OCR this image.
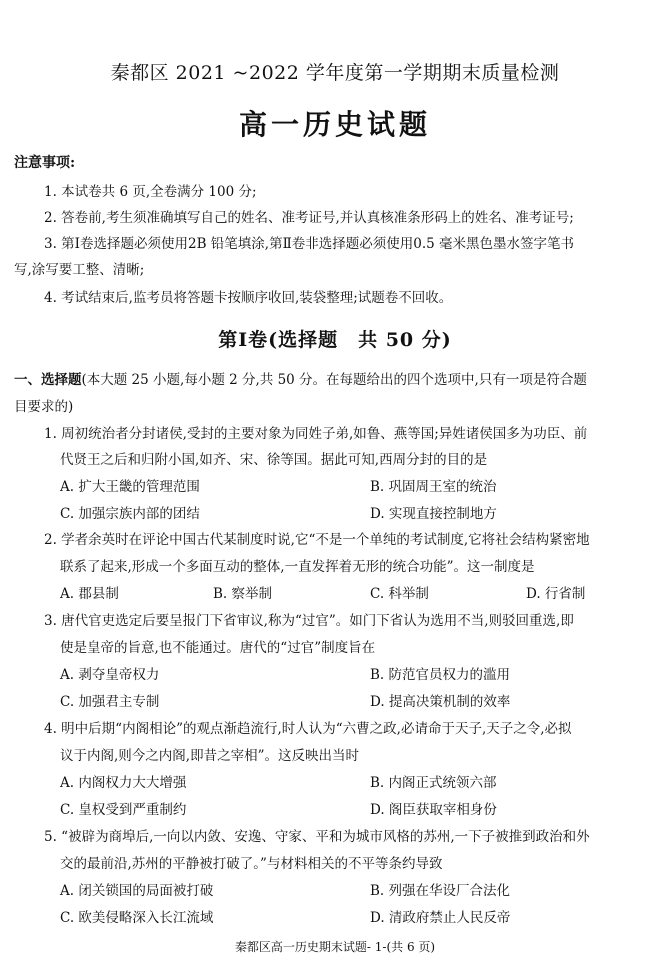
秦都区 2021 ~2022 学年度第一学期期末质量检测
高一历史试题
注意事项:
1. 本试卷共 6 页,全卷满分 100 分;
2. 答卷前,考生须准确填写自己的姓名、准考证号,并认真核准条形码上的姓名、准考证号;
3. 第Ⅰ卷选择题必须使用2B 铅笔填涂,第Ⅱ卷非选择题必须使用0.5 毫米黑色墨水签字笔书
写,涂写要工整、清晰;
4. 考试结束后,监考员将答题卡按顺序收回,装袋整理;试题卷不回收。
第Ⅰ卷(选择题　共 50 分)
一、选择题(本大题 25 小题,每小题 2 分,共 50 分。在每题给出的四个选项中,只有一项是符合题
目要求的)
1. 周初统治者分封诸侯,受封的主要对象为同姓子弟,如鲁、燕等国;异姓诸侯国多为功臣、前
代贤王之后和归附小国,如齐、宋、徐等国。据此可知,西周分封的目的是
A. 扩大王畿的管理范围	B. 巩固周王室的统治
C. 加强宗族内部的团结	D. 实现直接控制地方
2. 学者余英时在评论中国古代某制度时说,它“不是一个单纯的考试制度,它将社会结构紧密地
联系了起来,形成一个多面互动的整体,一直发挥着无形的统合功能”。这一制度是
A. 郡县制	B. 察举制	C. 科举制	D. 行省制
3. 唐代官吏选定后要呈报门下省审议,称为“过官”。如门下省认为选用不当,则驳回重选,即
使是皇帝的旨意,也不能通过。唐代的“过官”制度旨在
A. 剥夺皇帝权力	B. 防范官员权力的滥用
C. 加强君主专制	D. 提高决策机制的效率
4. 明中后期“内阁相论”的观点渐趋流行,时人认为“六曹之政,必请命于天子,天子之令,必拟
议于内阁,则今之内阁,即昔之宰相”。这反映出当时
A. 内阁权力大大增强	B. 内阁正式统领六部
C. 皇权受到严重制约	D. 阁臣获取宰相身份
5. “被辟为商埠后,一向以内敛、安逸、守家、平和为城市风格的苏州,一下子被推到政治和外
交的最前沿,苏州的平静被打破了。”与材料相关的不平等条约导致
A. 闭关锁国的局面被打破	B. 列强在华设厂合法化
C. 欧美侵略深入长江流域	D. 清政府禁止人民反帝
秦都区高一历史期末试题- 1-(共 6 页)
